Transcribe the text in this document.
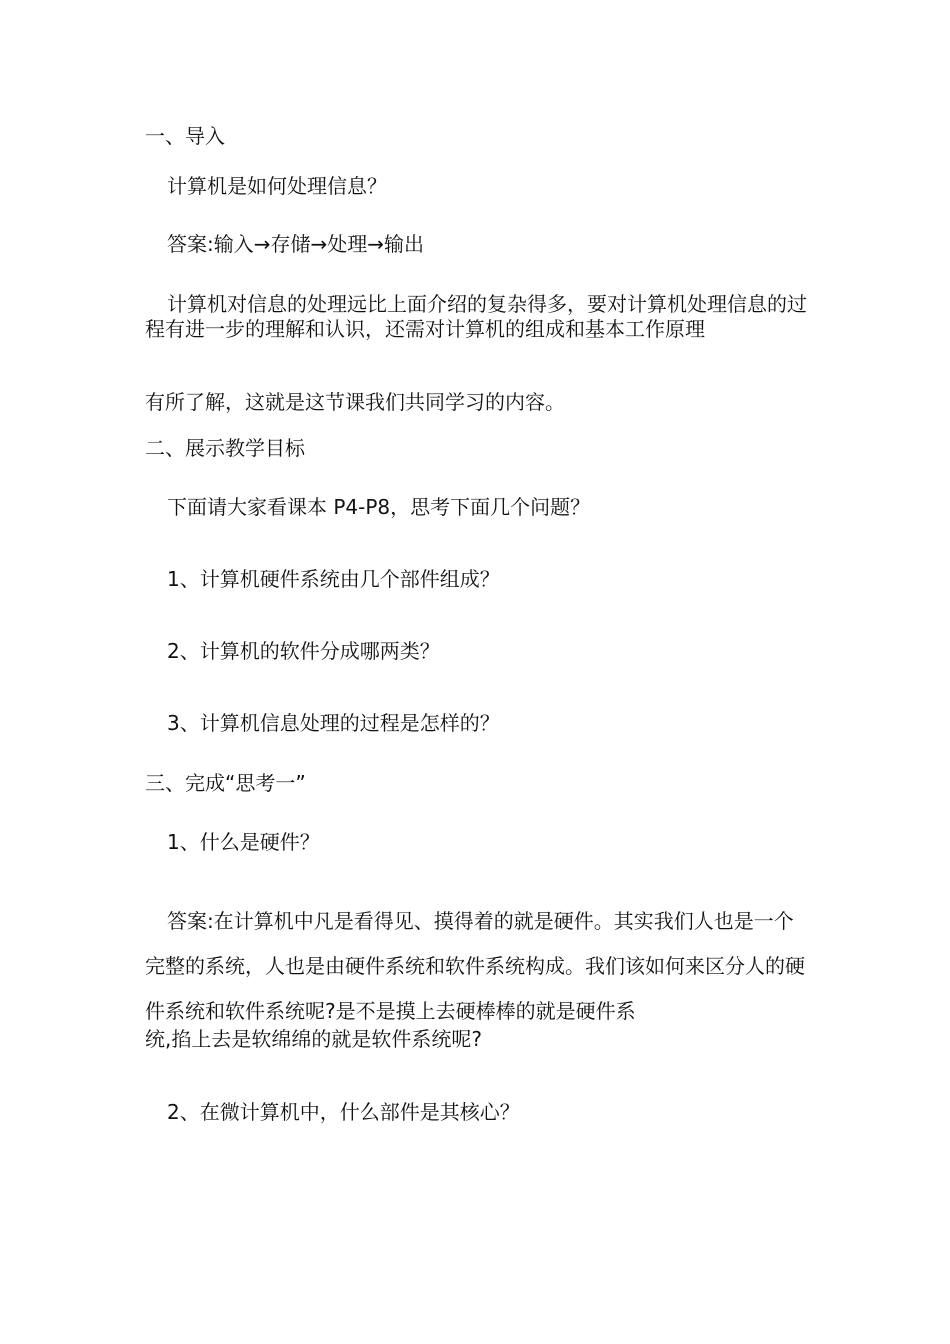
一、导入

计算机是如何处理信息？

答案:输入→存储→处理→输出

计算机对信息的处理远比上面介绍的复杂得多，要对计算机处理信息的过程有进一步的理解和认识，还需对计算机的组成和基本工作原理

有所了解，这就是这节课我们共同学习的内容。

二、展示教学目标

下面请大家看课本 P4-P8，思考下面几个问题？

1、计算机硬件系统由几个部件组成？

2、计算机的软件分成哪两类？

3、计算机信息处理的过程是怎样的？

三、完成“思考一”

1、什么是硬件？

答案:在计算机中凡是看得见、摸得着的就是硬件。其实我们人也是一个完整的系统，人也是由硬件系统和软件系统构成。我们该如何来区分人的硬件系统和软件系统呢?是不是摸上去硬棒棒的就是硬件系

统,掐上去是软绵绵的就是软件系统呢?

2、在微计算机中，什么部件是其核心？
